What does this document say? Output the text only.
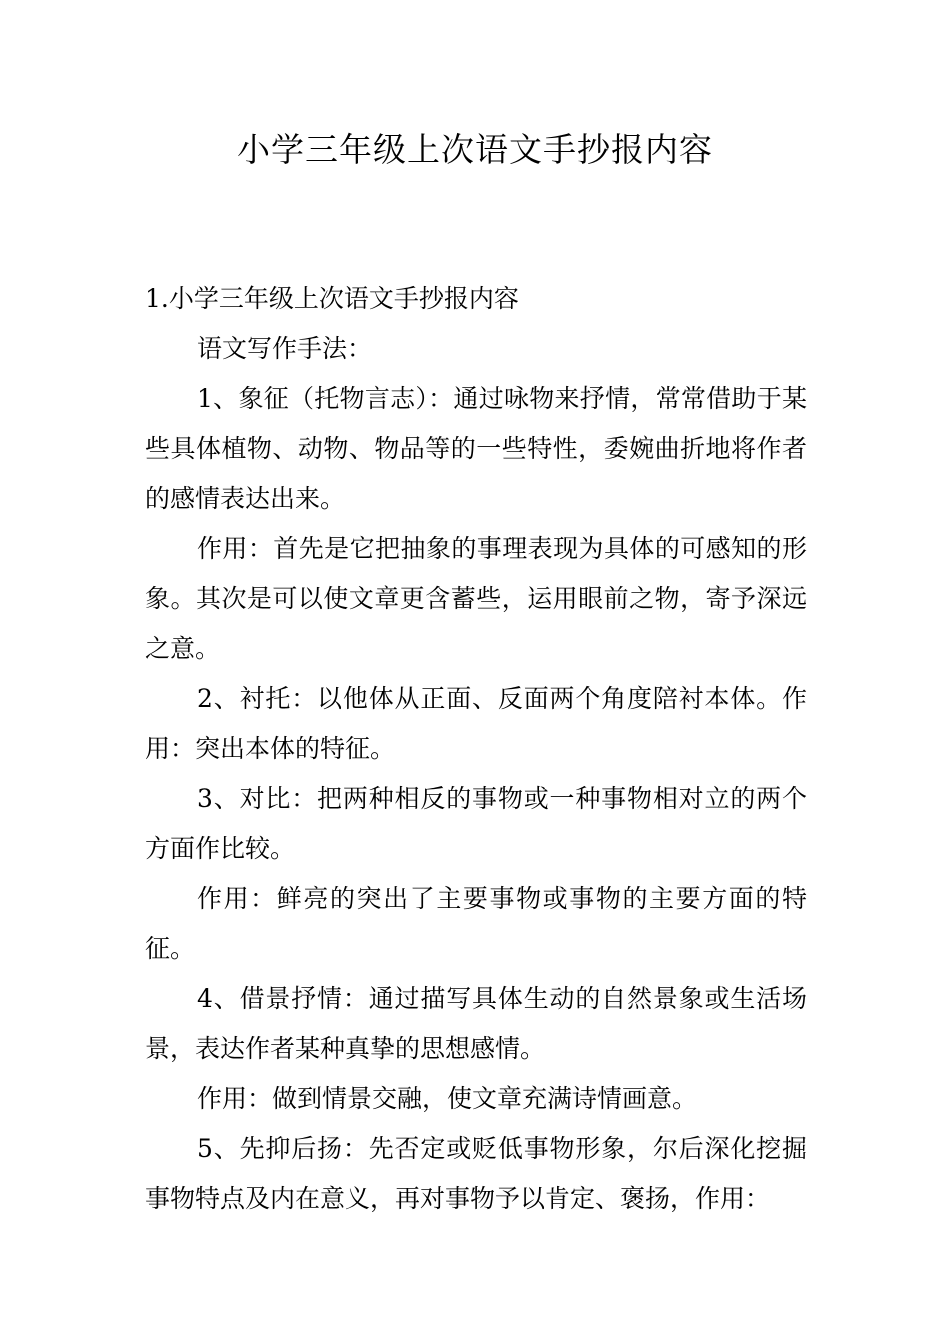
小学三年级上次语文手抄报内容

1.小学三年级上次语文手抄报内容

语文写作手法：

1、象征（托物言志）：通过咏物来抒情，常常借助于某些具体植物、动物、物品等的一些特性，委婉曲折地将作者的感情表达出来。

作用：首先是它把抽象的事理表现为具体的可感知的形象。其次是可以使文章更含蓄些，运用眼前之物，寄予深远之意。

2、衬托：以他体从正面、反面两个角度陪衬本体。作用：突出本体的特征。

3、对比：把两种相反的事物或一种事物相对立的两个方面作比较。

作用：鲜亮的突出了主要事物或事物的主要方面的特征。

4、借景抒情：通过描写具体生动的自然景象或生活场景，表达作者某种真挚的思想感情。

作用：做到情景交融，使文章充满诗情画意。

5、先抑后扬：先否定或贬低事物形象，尔后深化挖掘事物特点及内在意义，再对事物予以肯定、褒扬，作用：
